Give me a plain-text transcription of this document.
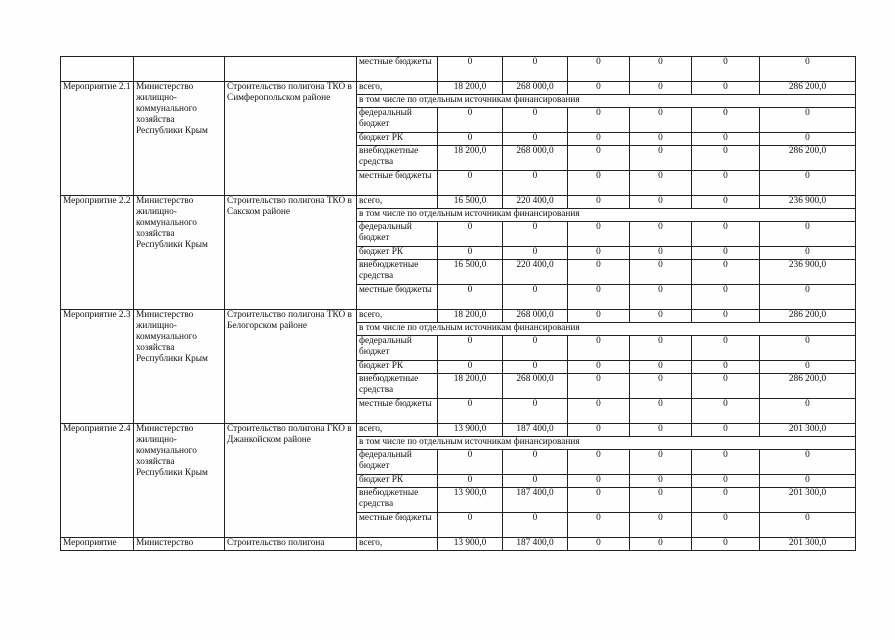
			местные бюджеты	0	0	0	0	0	0
Мероприятие 2.1	Министерство жилищно-коммунального хозяйства Республики Крым	Строительство полигона ТКО в Симферопольском районе	всего,	18 200,0	268 000,0	0	0	0	286 200,0
			в том числе по отдельным источникам финансирования						
			федеральный бюджет	0	0	0	0	0	0
			бюджет РК	0	0	0	0	0	0
			внебюджетные средства	18 200,0	268 000,0	0	0	0	286 200,0
			местные бюджеты	0	0	0	0	0	0
Мероприятие 2.2	Министерство жилищно-коммунального хозяйства Республики Крым	Строительство полигона ТКО в Сакском районе	всего,	16 500,0	220 400,0	0	0	0	236 900,0
			в том числе по отдельным источникам финансирования						
			федеральный бюджет	0	0	0	0	0	0
			бюджет РК	0	0	0	0	0	0
			внебюджетные средства	16 500,0	220 400,0	0	0	0	236 900,0
			местные бюджеты	0	0	0	0	0	0
Мероприятие 2.3	Министерство жилищно-коммунального хозяйства Республики Крым	Строительство полигона ТКО в Белогорском районе	всего,	18 200,0	268 000,0	0	0	0	286 200,0
			в том числе по отдельным источникам финансирования						
			федеральный бюджет	0	0	0	0	0	0
			бюджет РК	0	0	0	0	0	0
			внебюджетные средства	18 200,0	268 000,0	0	0	0	286 200,0
			местные бюджеты	0	0	0	0	0	0
Мероприятие 2.4	Министерство жилищно-коммунального хозяйства Республики Крым	Строительство полигона ГКО в Джанкойском районе	всего,	13 900,0	187 400,0	0	0	0	201 300,0
			в том числе по отдельным источникам финансирования						
			федеральный бюджет	0	0	0	0	0	0
			бюджет РК	0	0	0	0	0	0
			внебюджетные средства	13 900,0	187 400,0	0	0	0	201 300,0
			местные бюджеты	0	0	0	0	0	0
Мероприятие	Министерство	Строительство полигона	всего,	13 900,0	187 400,0	0	0	0	201 300,0
